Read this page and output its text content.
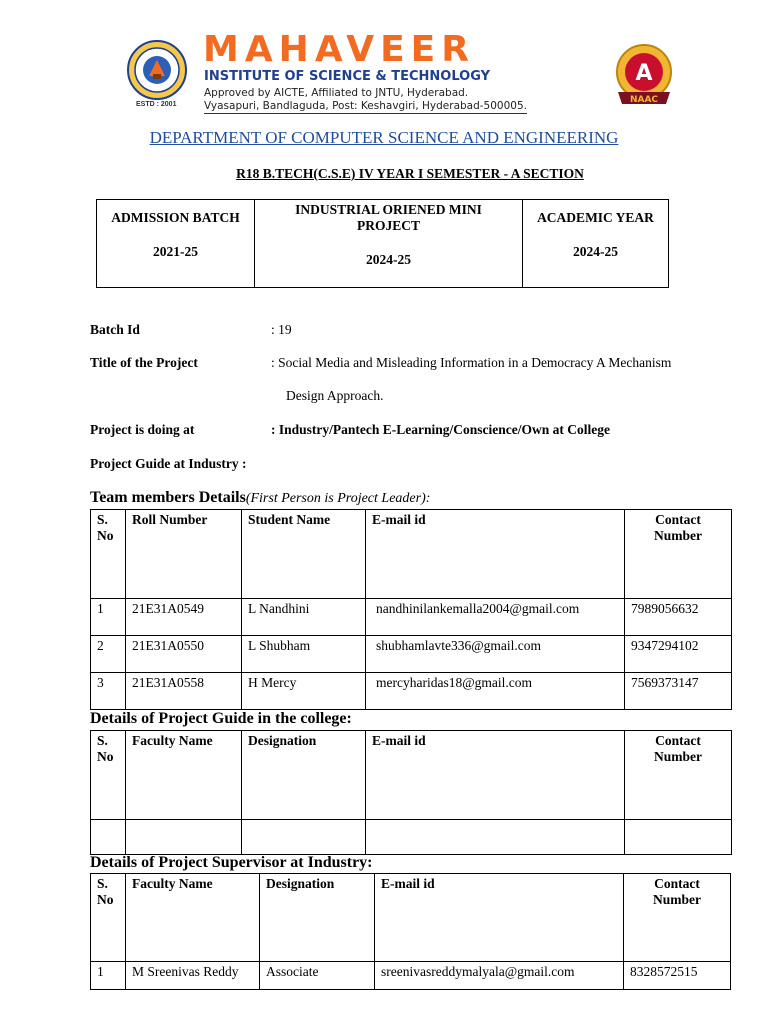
ESTD : 2001
MAHAVEER
INSTITUTE OF SCIENCE & TECHNOLOGY
Approved by AICTE, Affiliated to JNTU, Hyderabad.
Vyasapuri, Bandlaguda, Post: Keshavgiri, Hyderabad-500005.
A
NAAC
DEPARTMENT OF COMPUTER SCIENCE AND ENGINEERING
R18 B.TECH(C.S.E) IV YEAR I SEMESTER - A SECTION
ADMISSION BATCH
2021-25

INDUSTRIAL ORIENED MINI PROJECT
2024-25

ACADEMIC YEAR
2024-25
Batch Id	: 19
Title of the Project	: Social Media and Misleading Information in a Democracy A Mechanism
Design Approach.
Project is doing at	: Industry/Pantech E-Learning/Conscience/Own at College
Project Guide at Industry :
Team members Details(First Person is Project Leader):
S.
No	Roll Number	Student Name	E-mail id	Contact
Number
1	21E31A0549	L Nandhini	nandhinilankemalla2004@gmail.com	7989056632
2	21E31A0550	L Shubham	shubhamlavte336@gmail.com	9347294102
3	21E31A0558	H Mercy	mercyharidas18@gmail.com	7569373147
Details of Project Guide in the college:
S.
No	Faculty Name	Designation	E-mail id	Contact
Number

Details of Project Supervisor at Industry:
S.
No	Faculty Name	Designation	E-mail id	Contact
Number
1	M Sreenivas Reddy	Associate	sreenivasreddymalyala@gmail.com	8328572515
